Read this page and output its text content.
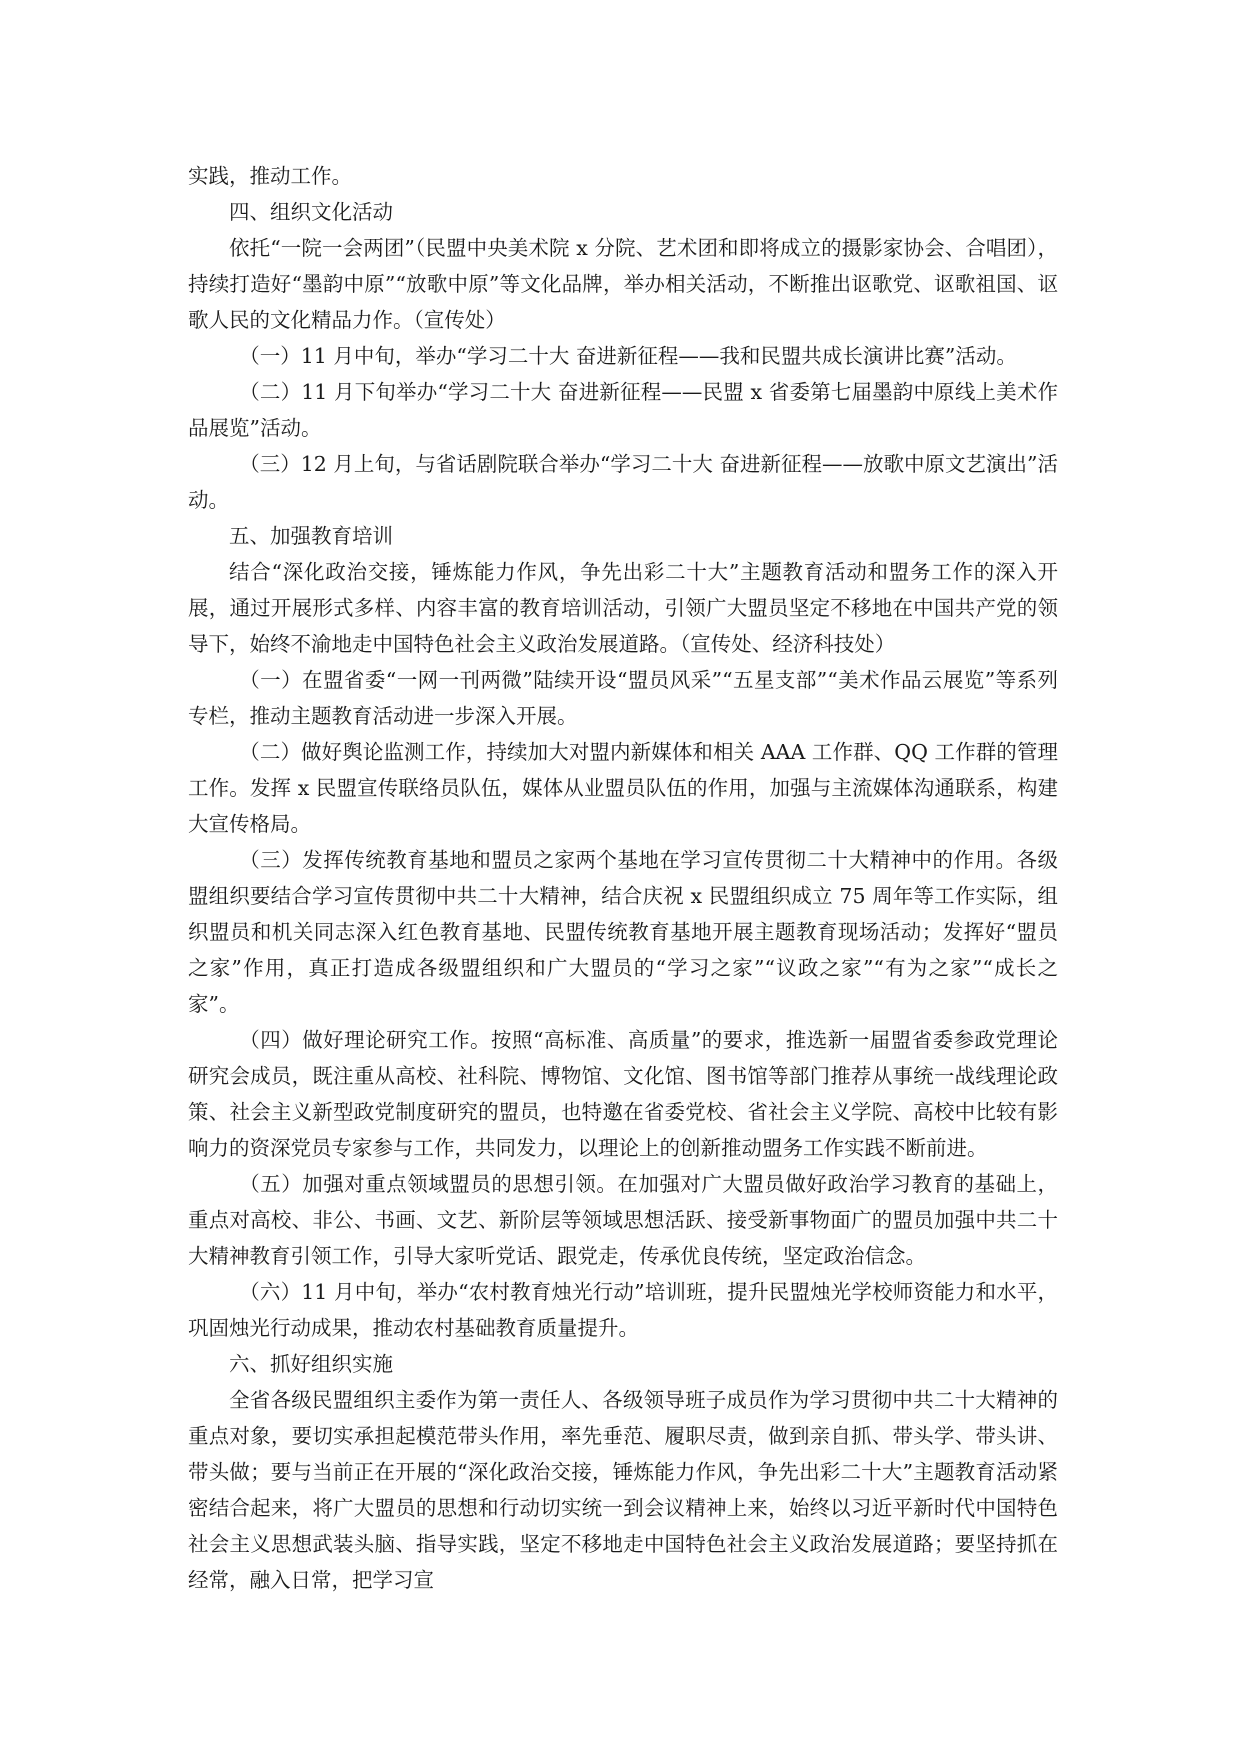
实践，推动工作。

四、组织文化活动

依托“一院一会两团”（民盟中央美术院 x 分院、艺术团和即将成立的摄影家协会、合唱团），持续打造好“墨韵中原”“放歌中原”等文化品牌，举办相关活动，不断推出讴歌党、讴歌祖国、讴歌人民的文化精品力作。（宣传处）

（一）11 月中旬，举办“学习二十大 奋进新征程——我和民盟共成长演讲比赛”活动。

（二）11 月下旬举办“学习二十大 奋进新征程——民盟 x 省委第七届墨韵中原线上美术作品展览”活动。

（三）12 月上旬，与省话剧院联合举办“学习二十大 奋进新征程——放歌中原文艺演出”活动。

五、加强教育培训

结合“深化政治交接，锤炼能力作风，争先出彩二十大”主题教育活动和盟务工作的深入开展，通过开展形式多样、内容丰富的教育培训活动，引领广大盟员坚定不移地在中国共产党的领导下，始终不渝地走中国特色社会主义政治发展道路。（宣传处、经济科技处）

（一）在盟省委“一网一刊两微”陆续开设“盟员风采”“五星支部”“美术作品云展览”等系列专栏，推动主题教育活动进一步深入开展。

（二）做好舆论监测工作，持续加大对盟内新媒体和相关 AAA 工作群、QQ 工作群的管理工作。发挥 x 民盟宣传联络员队伍，媒体从业盟员队伍的作用，加强与主流媒体沟通联系，构建大宣传格局。

（三）发挥传统教育基地和盟员之家两个基地在学习宣传贯彻二十大精神中的作用。各级盟组织要结合学习宣传贯彻中共二十大精神，结合庆祝 x 民盟组织成立 75 周年等工作实际，组织盟员和机关同志深入红色教育基地、民盟传统教育基地开展主题教育现场活动；发挥好“盟员之家”作用，真正打造成各级盟组织和广大盟员的“学习之家”“议政之家”“有为之家”“成长之家”。

（四）做好理论研究工作。按照“高标准、高质量”的要求，推选新一届盟省委参政党理论研究会成员，既注重从高校、社科院、博物馆、文化馆、图书馆等部门推荐从事统一战线理论政策、社会主义新型政党制度研究的盟员，也特邀在省委党校、省社会主义学院、高校中比较有影响力的资深党员专家参与工作，共同发力，以理论上的创新推动盟务工作实践不断前进。

（五）加强对重点领域盟员的思想引领。在加强对广大盟员做好政治学习教育的基础上，重点对高校、非公、书画、文艺、新阶层等领域思想活跃、接受新事物面广的盟员加强中共二十大精神教育引领工作，引导大家听党话、跟党走，传承优良传统，坚定政治信念。

（六）11 月中旬，举办“农村教育烛光行动”培训班，提升民盟烛光学校师资能力和水平，巩固烛光行动成果，推动农村基础教育质量提升。

六、抓好组织实施

全省各级民盟组织主委作为第一责任人、各级领导班子成员作为学习贯彻中共二十大精神的重点对象，要切实承担起模范带头作用，率先垂范、履职尽责，做到亲自抓、带头学、带头讲、带头做；要与当前正在开展的“深化政治交接，锤炼能力作风，争先出彩二十大”主题教育活动紧密结合起来，将广大盟员的思想和行动切实统一到会议精神上来，始终以习近平新时代中国特色社会主义思想武装头脑、指导实践，坚定不移地走中国特色社会主义政治发展道路；要坚持抓在经常，融入日常，把学习宣
